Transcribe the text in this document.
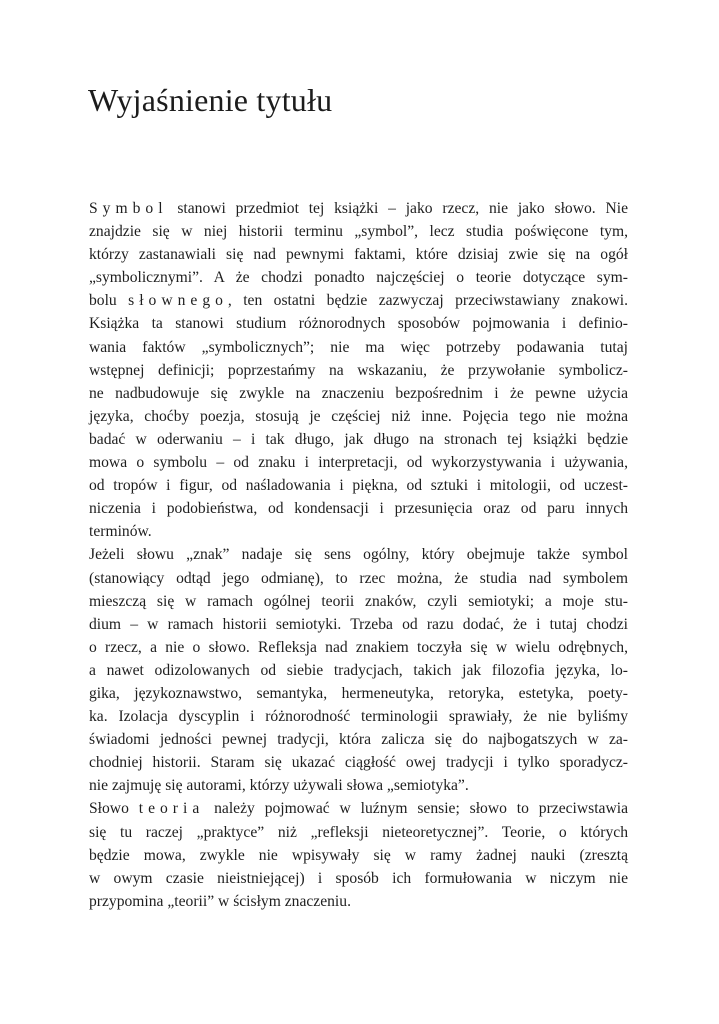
Wyjaśnienie tytułu
Symbol stanowi przedmiot tej książki – jako rzecz, nie jako słowo. Nie
znajdzie się w niej historii terminu „symbol”, lecz studia poświęcone tym,
którzy zastanawiali się nad pewnymi faktami, które dzisiaj zwie się na ogół
„symbolicznymi”. A że chodzi ponadto najczęściej o teorie dotyczące sym-
bolu słownego, ten ostatni będzie zazwyczaj przeciwstawiany znakowi.
Książka ta stanowi studium różnorodnych sposobów pojmowania i definio-
wania faktów „symbolicznych”; nie ma więc potrzeby podawania tutaj
wstępnej definicji; poprzestańmy na wskazaniu, że przywołanie symbolicz-
ne nadbudowuje się zwykle na znaczeniu bezpośrednim i że pewne użycia
języka, choćby poezja, stosują je częściej niż inne. Pojęcia tego nie można
badać w oderwaniu – i tak długo, jak długo na stronach tej książki będzie
mowa o symbolu – od znaku i interpretacji, od wykorzystywania i używania,
od tropów i figur, od naśladowania i piękna, od sztuki i mitologii, od uczest-
niczenia i podobieństwa, od kondensacji i przesunięcia oraz od paru innych
terminów.
Jeżeli słowu „znak” nadaje się sens ogólny, który obejmuje także symbol
(stanowiący odtąd jego odmianę), to rzec można, że studia nad symbolem
mieszczą się w ramach ogólnej teorii znaków, czyli semiotyki; a moje stu-
dium – w ramach historii semiotyki. Trzeba od razu dodać, że i tutaj chodzi
o rzecz, a nie o słowo. Refleksja nad znakiem toczyła się w wielu odrębnych,
a nawet odizolowanych od siebie tradycjach, takich jak filozofia języka, lo-
gika, językoznawstwo, semantyka, hermeneutyka, retoryka, estetyka, poety-
ka. Izolacja dyscyplin i różnorodność terminologii sprawiały, że nie byliśmy
świadomi jedności pewnej tradycji, która zalicza się do najbogatszych w za-
chodniej historii. Staram się ukazać ciągłość owej tradycji i tylko sporadycz-
nie zajmuję się autorami, którzy używali słowa „semiotyka”.
Słowo teoria należy pojmować w luźnym sensie; słowo to przeciwstawia
się tu raczej „praktyce” niż „refleksji nieteoretycznej”. Teorie, o których
będzie mowa, zwykle nie wpisywały się w ramy żadnej nauki (zresztą
w owym czasie nieistniejącej) i sposób ich formułowania w niczym nie
przypomina „teorii” w ścisłym znaczeniu.
